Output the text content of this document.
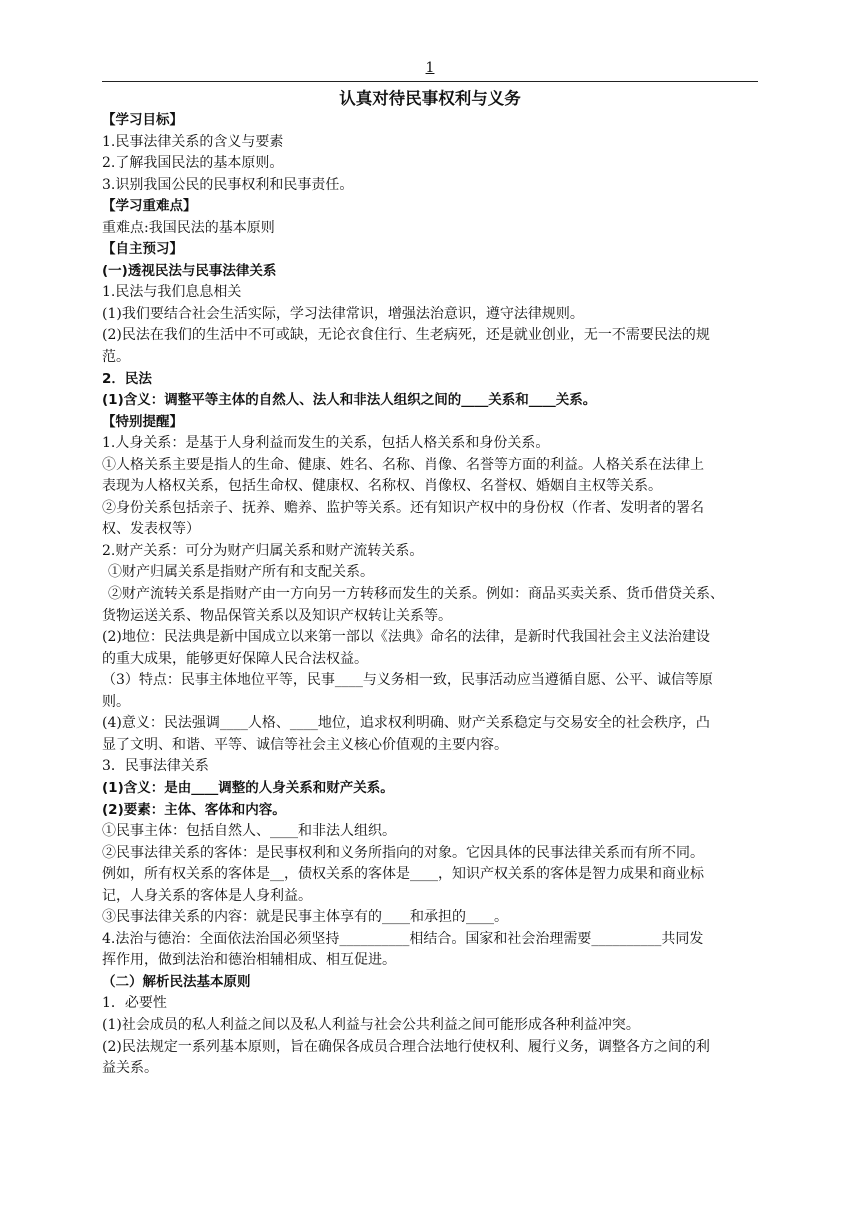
1
认真对待民事权利与义务

【学习目标】

1.民事法律关系的含义与要素

2.了解我国民法的基本原则。

3.识别我国公民的民事权利和民事责任。

【学习重难点】

重难点:我国民法的基本原则

【自主预习】

(一)透视民法与民事法律关系

1.民法与我们息息相关

(1)我们要结合社会生活实际，学习法律常识，增强法治意识，遵守法律规则。

(2)民法在我们的生活中不可或缺，无论衣食住行、生老病死，还是就业创业，无一不需要民法的规

范。

2．民法

(1)含义：调整平等主体的自然人、法人和非法人组织之间的____关系和____关系。

【特别提醒】

1.人身关系：是基于人身利益而发生的关系，包括人格关系和身份关系。

①人格关系主要是指人的生命、健康、姓名、名称、肖像、名誉等方面的利益。人格关系在法律上

表现为人格权关系，包括生命权、健康权、名称权、肖像权、名誉权、婚姻自主权等关系。

②身份关系包括亲子、抚养、赡养、监护等关系。还有知识产权中的身份权（作者、发明者的署名

权、发表权等）

2.财产关系：可分为财产归属关系和财产流转关系。

①财产归属关系是指财产所有和支配关系。

②财产流转关系是指财产由一方向另一方转移而发生的关系。例如：商品买卖关系、货币借贷关系、

货物运送关系、物品保管关系以及知识产权转让关系等。

(2)地位：民法典是新中国成立以来第一部以《法典》命名的法律，是新时代我国社会主义法治建设

的重大成果，能够更好保障人民合法权益。

（3）特点：民事主体地位平等，民事____与义务相一致，民事活动应当遵循自愿、公平、诚信等原

则。

(4)意义：民法强调____人格、____地位，追求权利明确、财产关系稳定与交易安全的社会秩序，凸

显了文明、和谐、平等、诚信等社会主义核心价值观的主要内容。

3．民事法律关系

(1)含义：是由____调整的人身关系和财产关系。

(2)要素：主体、客体和内容。

①民事主体：包括自然人、____和非法人组织。

②民事法律关系的客体：是民事权利和义务所指向的对象。它因具体的民事法律关系而有所不同。

例如，所有权关系的客体是__，债权关系的客体是____，知识产权关系的客体是智力成果和商业标

记，人身关系的客体是人身利益。

③民事法律关系的内容：就是民事主体享有的____和承担的____。

4.法治与德治：全面依法治国必须坚持__________相结合。国家和社会治理需要__________共同发

挥作用，做到法治和德治相辅相成、相互促进。

（二）解析民法基本原则

1．必要性

(1)社会成员的私人利益之间以及私人利益与社会公共利益之间可能形成各种利益冲突。

(2)民法规定一系列基本原则，旨在确保各成员合理合法地行使权利、履行义务，调整各方之间的利

益关系。
